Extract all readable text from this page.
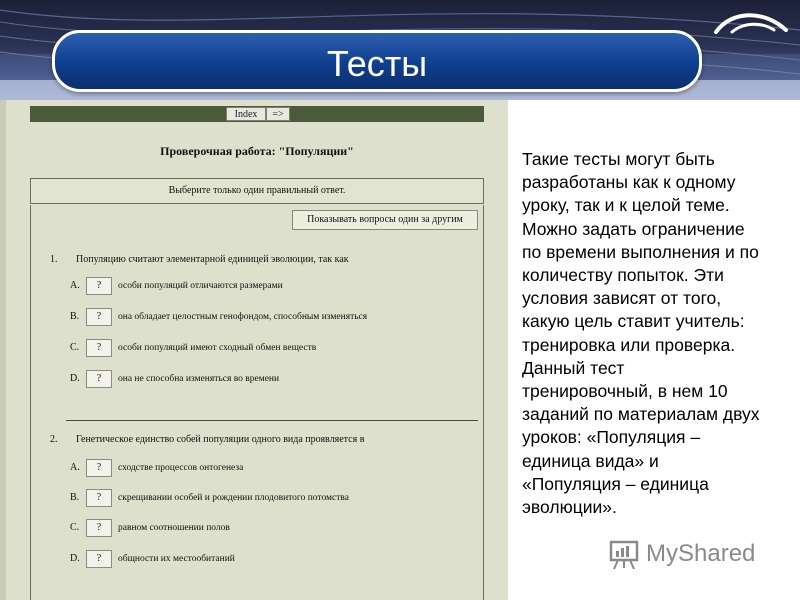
Тесты
Index	=>
Проверочная работа: "Популяции"
Выберите только один правильный ответ.
Показывать вопросы один за другим
1. Популяцию считают элементарной единицей эволюции, так как
A.	?	особи популяций отличаются размерами
B.	?	она обладает целостным генофондом, способным изменяться
C.	?	особи популяций имеют сходный обмен веществ
D.	?	она не способна изменяться во времени
2. Генетическое единство собей популяции одного вида проявляется в
A.	?	сходстве процессов онтогенеза
B.	?	скрещивании особей и рождении плодовитого потомства
C.	?	равном соотношении полов
D.	?	общности их местообитаний
Такие тесты могут быть
разработаны как к одному
уроку, так и к целой теме.
Можно задать ограничение
по времени выполнения и по
количеству попыток. Эти
условия зависят от того,
какую цель ставит учитель:
тренировка или проверка.
Данный тест
тренировочный, в нем 10
заданий по материалам двух
уроков: «Популяция –
единица вида» и
«Популяция – единица
эволюции».
MyShared
